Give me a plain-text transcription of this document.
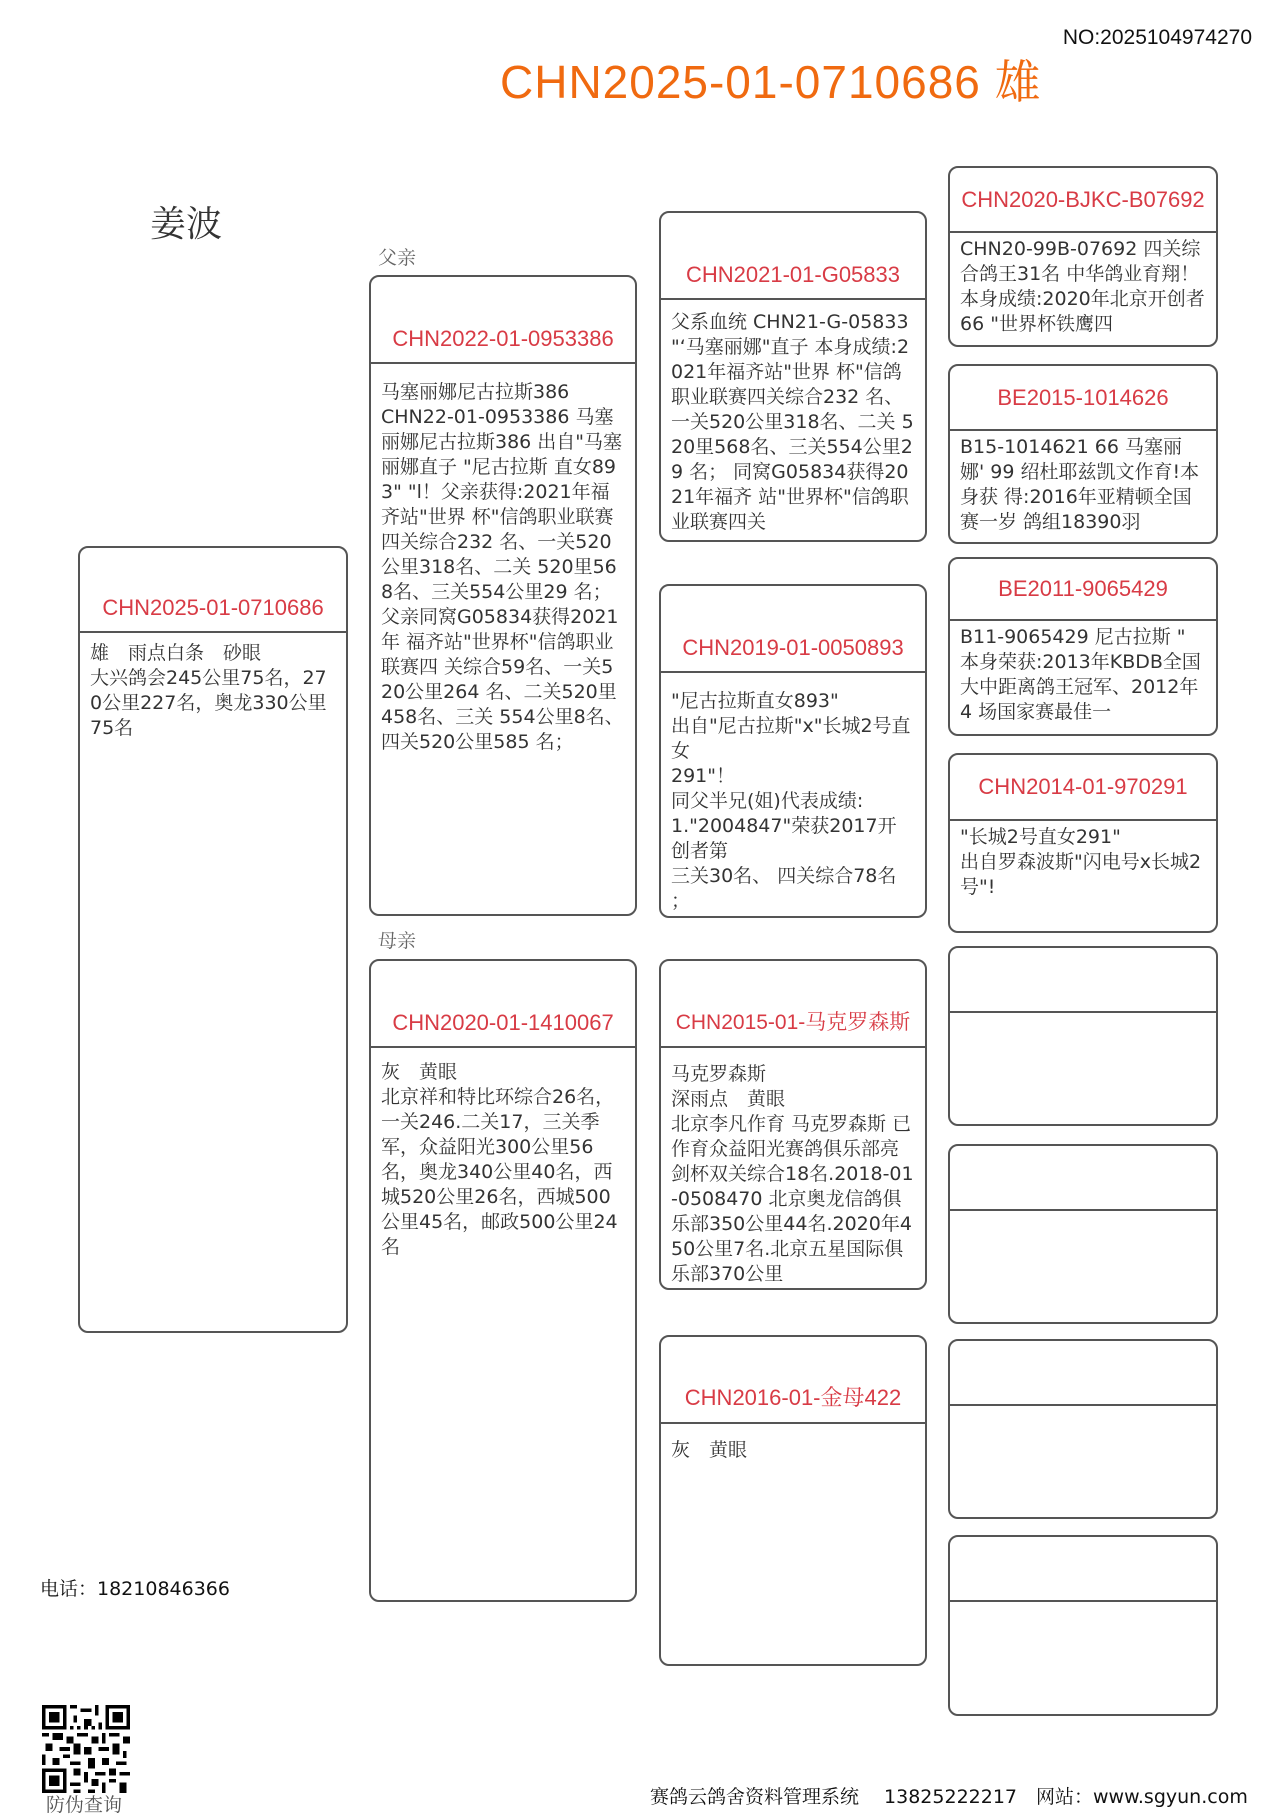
NO:2025104974270
CHN2025-01-0710686 雄
姜波
CHN2025-01-0710686
雄　雨点白条　砂眼
大兴鸽会245公里75名，270公里227名，奥龙330公里75名
父亲
母亲
CHN2022-01-0953386
马塞丽娜尼古拉斯386
CHN22-01-0953386 马塞丽娜尼古拉斯386 出自"马塞丽娜直子 "尼古拉斯 直女893" "l！父亲获得:2021年福齐站"世界 杯"信鸽职业联赛四关综合232 名、一关520公里318名、二关 520里568名、三关554公里29 名； 父亲同窝G05834获得2021年 福齐站"世界杯"信鸽职业联赛四 关综合59名、一关520公里264 名、二关520里458名、三关 554公里8名、四关520公里585 名；
CHN2020-01-1410067
灰　黄眼
北京祥和特比环综合26名，一关246.二关17，三关季军，众益阳光300公里56名，奥龙340公里40名，西城520公里26名，西城500公里45名，邮政500公里24名
CHN2021-01-G05833
父系血统 CHN21-G-05833 "‘马塞丽娜"直子 本身成绩:2021年福齐站"世界 杯"信鸽职业联赛四关综合232 名、一关520公里318名、二关 520里568名、三关554公里29 名； 同窝G05834获得2021年福齐 站"世界杯"信鸽职业联赛四关
CHN2019-01-0050893
"尼古拉斯直女893"
出自"尼古拉斯"x"长城2号直女
291"！
同父半兄(姐)代表成绩:
1."2004847"荣获2017开创者第
三关30名、 四关综合78名
；
CHN2015-01-马克罗森斯
马克罗森斯
深雨点　黄眼
北京李凡作育 马克罗森斯 已作育众益阳光赛鸽俱乐部亮剑杯双关综合18名.2018-01-0508470 北京奥龙信鸽俱乐部350公里44名.2020年450公里7名.北京五星国际俱乐部370公里
CHN2016-01-金母422
灰　黄眼
CHN2020-BJKC-B07692
CHN20-99B-07692 四关综合鸽王31名 中华鸽业育翔！本身成绩:2020年北京开创者 66 "世界杯铁鹰四
BE2015-1014626
B15-1014621 66 马塞丽娜' 99 绍杜耶兹凯文作育!本身获 得:2016年亚精顿全国赛一岁 鸽组18390羽
BE2011-9065429
B11-9065429 尼古拉斯 " 本身荣获:2013年KBDB全国 大中距离鸽王冠军、2012年4 场国家赛最佳一
CHN2014-01-970291
"长城2号直女291"
出自罗森波斯"闪电号x长城2
号"!
电话：18210846366
防伪查询	赛鸽云鸽舍资料管理系统　 13825222217　网站：www.sgyun.com
